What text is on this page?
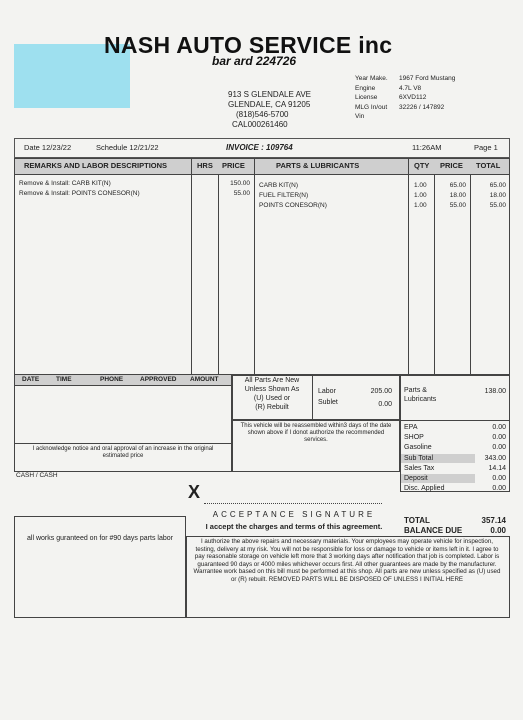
NASH AUTO SERVICE inc
bar ard 224726
913 S GLENDALE AVE
GLENDALE, CA 91205
(818)546-5700
CAL000261460
Year Make.	1967 Ford Mustang
Engine	4.7L V8
License	6XVD112
MLG In/out	32226 / 147892
Vin
Date 12/23/22	Schedule 12/21/22	INVOICE : 109764	11:26AM	Page 1
REMARKS AND LABOR DESCRIPTIONS	HRS PRICE	PARTS & LUBRICANTS	QTY PRICE TOTAL
Remove & Install: CARB KIT(N)	150.00
Remove & Install: POINTS CONESOR(N)	55.00
CARB KIT(N)	1.00	65.00	65.00
FUEL FILTER(N)	1.00	18.00	18.00
POINTS CONESOR(N)	1.00	55.00	55.00
DATE	TIME	PHONE	APPROVED AMOUNT
I acknowledge notice and oral approval of an increase in the original estimated price
All Parts Are New
Unless Shown As
(U) Used or
(R) Rebuilt
Labor	205.00
Sublet	0.00
This vehicle will be reassembled within3 days of the date shown above if I donot authorize the recommended services.
Parts & Lubricants
138.00
EPA	0.00
SHOP	0.00
Gasoline	0.00
Sub Total	343.00
Sales Tax	14.14
Deposit	0.00
Disc. Applied	0.00
CASH / CASH
X
ACCEPTANCE SIGNATURE
I accept the charges and terms of this agreement.
TOTAL	357.14
BALANCE DUE	0.00
all works guranteed on for #90 days parts labor	I authorize the above repairs and necessary materials. Your employees may operate vehicle for inspection, testing, delivery at my risk. You will not be responsible for loss or damage to vehicle or items left in it. I agree to pay reasonable storage on vehicle left more that 3 working days after notification that job is completed. Labor is guaranteed 90 days or 4000 miles whichever occurs first. All other guarantees are made by the manufacturer. Warrantee work based on this bill must be performed at this shop. All parts are new unless specified as (U) used or (R) rebuilt. REMOVED PARTS WILL BE DISPOSED OF UNLESS I INITIAL HERE
